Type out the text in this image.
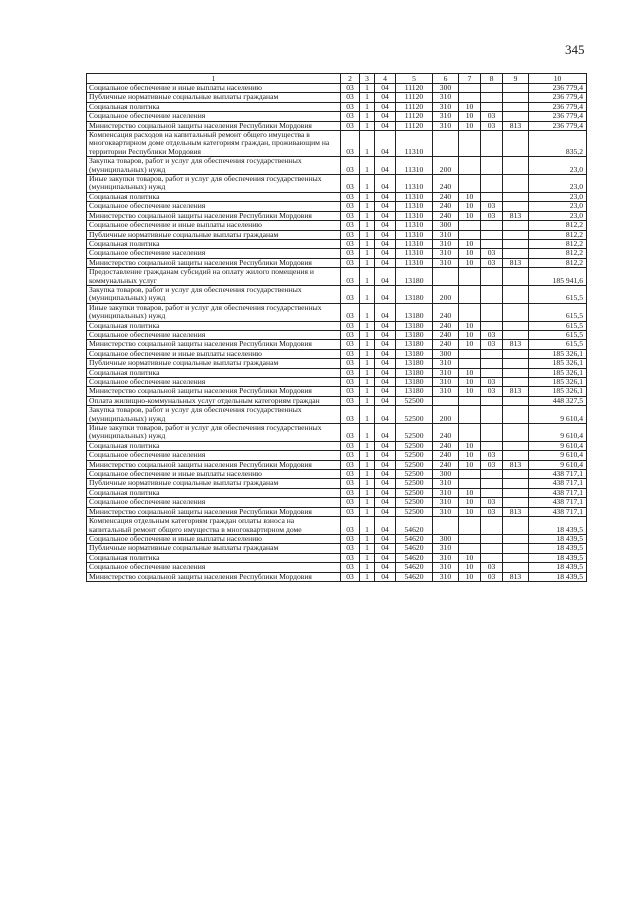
345
1	2	3	4	5	6	7	8	9	10
Социальное обеспечение и иные выплаты населению	03	1	04	11120	300				236 779,4
Публичные нормативные социальные выплаты гражданам	03	1	04	11120	310				236 779,4
Социальная политика	03	1	04	11120	310	10			236 779,4
Социальное обеспечение населения	03	1	04	11120	310	10	03		236 779,4
Министерство социальной защиты населения Республики Мордовия	03	1	04	11120	310	10	03	813	236 779,4
Компенсация расходов на капитальный ремонт общего имущества в многоквартирном доме отдельным категориям граждан, проживающим на территории Республики Мордовия	03	1	04	11310					835,2
Закупка товаров, работ и услуг для обеспечения государственных (муниципальных) нужд	03	1	04	11310	200				23,0
Иные закупки товаров, работ и услуг для обеспечения государственных (муниципальных) нужд	03	1	04	11310	240				23,0
Социальная политика	03	1	04	11310	240	10			23,0
Социальное обеспечение населения	03	1	04	11310	240	10	03		23,0
Министерство социальной защиты населения Республики Мордовия	03	1	04	11310	240	10	03	813	23,0
Социальное обеспечение и иные выплаты населению	03	1	04	11310	300				812,2
Публичные нормативные социальные выплаты гражданам	03	1	04	11310	310				812,2
Социальная политика	03	1	04	11310	310	10			812,2
Социальное обеспечение населения	03	1	04	11310	310	10	03		812,2
Министерство социальной защиты населения Республики Мордовия	03	1	04	11310	310	10	03	813	812,2
Предоставление гражданам субсидий на оплату жилого помещения и коммунальных услуг	03	1	04	13180					185 941,6
Закупка товаров, работ и услуг для обеспечения государственных (муниципальных) нужд	03	1	04	13180	200				615,5
Иные закупки товаров, работ и услуг для обеспечения государственных (муниципальных) нужд	03	1	04	13180	240				615,5
Социальная политика	03	1	04	13180	240	10			615,5
Социальное обеспечение населения	03	1	04	13180	240	10	03		615,5
Министерство социальной защиты населения Республики Мордовия	03	1	04	13180	240	10	03	813	615,5
Социальное обеспечение и иные выплаты населению	03	1	04	13180	300				185 326,1
Публичные нормативные социальные выплаты гражданам	03	1	04	13180	310				185 326,1
Социальная политика	03	1	04	13180	310	10			185 326,1
Социальное обеспечение населения	03	1	04	13180	310	10	03		185 326,1
Министерство социальной защиты населения Республики Мордовия	03	1	04	13180	310	10	03	813	185 326,1
Оплата жилищно-коммунальных услуг отдельным категориям граждан	03	1	04	52500					448 327,5
Закупка товаров, работ и услуг для обеспечения государственных (муниципальных) нужд	03	1	04	52500	200				9 610,4
Иные закупки товаров, работ и услуг для обеспечения государственных (муниципальных) нужд	03	1	04	52500	240				9 610,4
Социальная политика	03	1	04	52500	240	10			9 610,4
Социальное обеспечение населения	03	1	04	52500	240	10	03		9 610,4
Министерство социальной защиты населения Республики Мордовия	03	1	04	52500	240	10	03	813	9 610,4
Социальное обеспечение и иные выплаты населению	03	1	04	52500	300				438 717,1
Публичные нормативные социальные выплаты гражданам	03	1	04	52500	310				438 717,1
Социальная политика	03	1	04	52500	310	10			438 717,1
Социальное обеспечение населения	03	1	04	52500	310	10	03		438 717,1
Министерство социальной защиты населения Республики Мордовия	03	1	04	52500	310	10	03	813	438 717,1
Компенсация отдельным категориям граждан оплаты взноса на капитальный ремонт общего имущества в многоквартирном доме	03	1	04	54620					18 439,5
Социальное обеспечение и иные выплаты населению	03	1	04	54620	300				18 439,5
Публичные нормативные социальные выплаты гражданам	03	1	04	54620	310				18 439,5
Социальная политика	03	1	04	54620	310	10			18 439,5
Социальное обеспечение населения	03	1	04	54620	310	10	03		18 439,5
Министерство социальной защиты населения Республики Мордовия	03	1	04	54620	310	10	03	813	18 439,5
